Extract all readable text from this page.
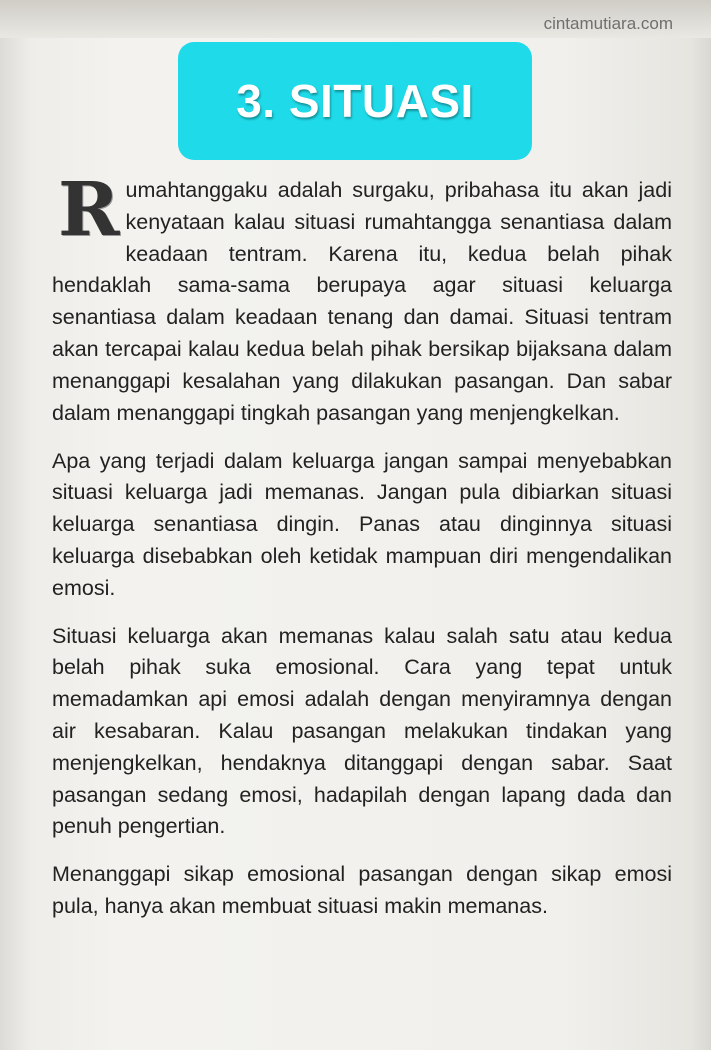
cintamutiara.com
3. SITUASI

Rumahtanggaku adalah surgaku, pribahasa itu akan jadi kenyataan kalau situasi rumahtangga senantiasa dalam keadaan tentram. Karena itu, kedua belah pihak hendaklah sama-sama berupaya agar situasi keluarga senantiasa dalam keadaan tenang dan damai. Situasi tentram akan tercapai kalau kedua belah pihak bersikap bijaksana dalam menanggapi kesalahan yang dilakukan pasangan. Dan sabar dalam menanggapi tingkah pasangan yang menjengkelkan.

Apa yang terjadi dalam keluarga jangan sampai menyebabkan situasi keluarga jadi memanas. Jangan pula dibiarkan situasi keluarga senantiasa dingin. Panas atau dinginnya situasi keluarga disebabkan oleh ketidak mampuan diri mengendalikan emosi.

Situasi keluarga akan memanas kalau salah satu atau kedua belah pihak suka emosional. Cara yang tepat untuk memadamkan api emosi adalah dengan menyiramnya dengan air kesabaran. Kalau pasangan melakukan tindakan yang menjengkelkan, hendaknya ditanggapi dengan sabar. Saat pasangan sedang emosi, hadapilah dengan lapang dada dan penuh pengertian.

Menanggapi sikap emosional pasangan dengan sikap emosi pula, hanya akan membuat situasi makin memanas.
